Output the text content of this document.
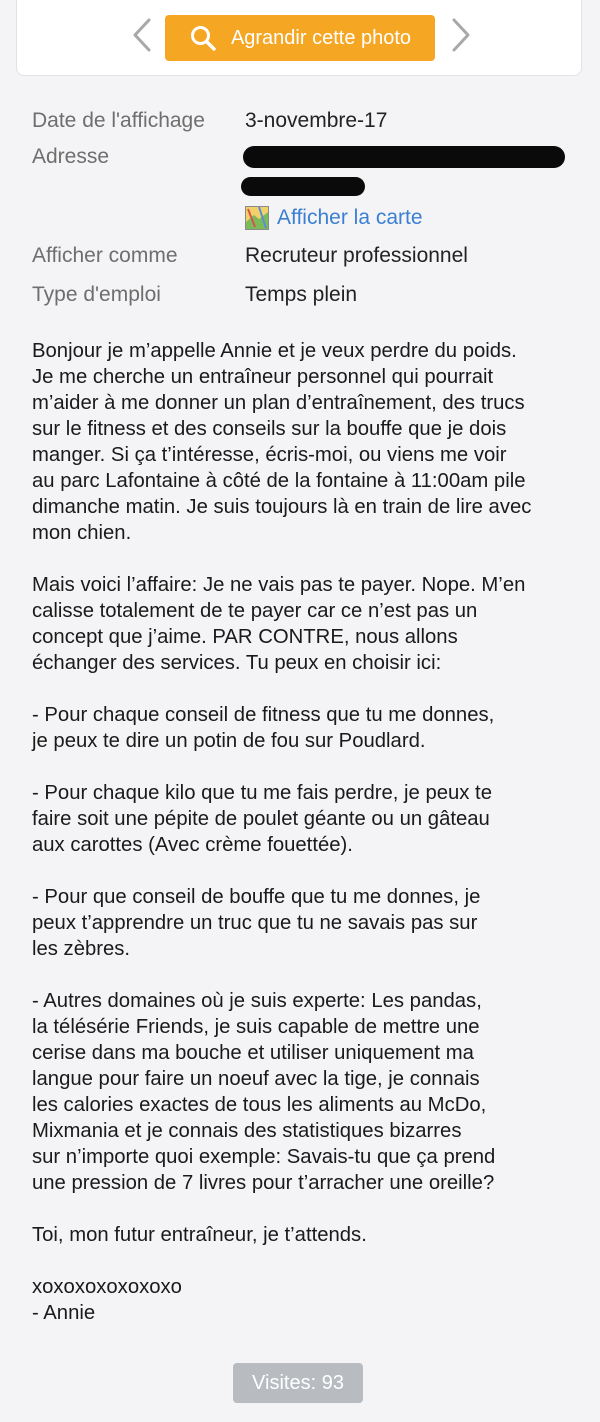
Agrandir cette photo
Date de l'affichage 3-novembre-17
Adresse
Afficher la carte
Afficher comme	Recruteur professionnel
Type d'emploi	Temps plein
Bonjour je m’appelle Annie et je veux perdre du poids.
Je me cherche un entraîneur personnel qui pourrait
m’aider à me donner un plan d’entraînement, des trucs
sur le fitness et des conseils sur la bouffe que je dois
manger. Si ça t’intéresse, écris-moi, ou viens me voir
au parc Lafontaine à côté de la fontaine à 11:00am pile
dimanche matin. Je suis toujours là en train de lire avec
mon chien.
Mais voici l’affaire: Je ne vais pas te payer. Nope. M’en
calisse totalement de te payer car ce n’est pas un
concept que j’aime. PAR CONTRE, nous allons
échanger des services. Tu peux en choisir ici:
- Pour chaque conseil de fitness que tu me donnes,
je peux te dire un potin de fou sur Poudlard.
- Pour chaque kilo que tu me fais perdre, je peux te
faire soit une pépite de poulet géante ou un gâteau
aux carottes (Avec crème fouettée).
- Pour que conseil de bouffe que tu me donnes, je
peux t’apprendre un truc que tu ne savais pas sur
les zèbres.
- Autres domaines où je suis experte: Les pandas,
la télésérie Friends, je suis capable de mettre une
cerise dans ma bouche et utiliser uniquement ma
langue pour faire un noeuf avec la tige, je connais
les calories exactes de tous les aliments au McDo,
Mixmania et je connais des statistiques bizarres
sur n’importe quoi exemple: Savais-tu que ça prend
une pression de 7 livres pour t’arracher une oreille?
Toi, mon futur entraîneur, je t’attends.
xoxoxoxoxoxoxo
- Annie
Visites: 93
